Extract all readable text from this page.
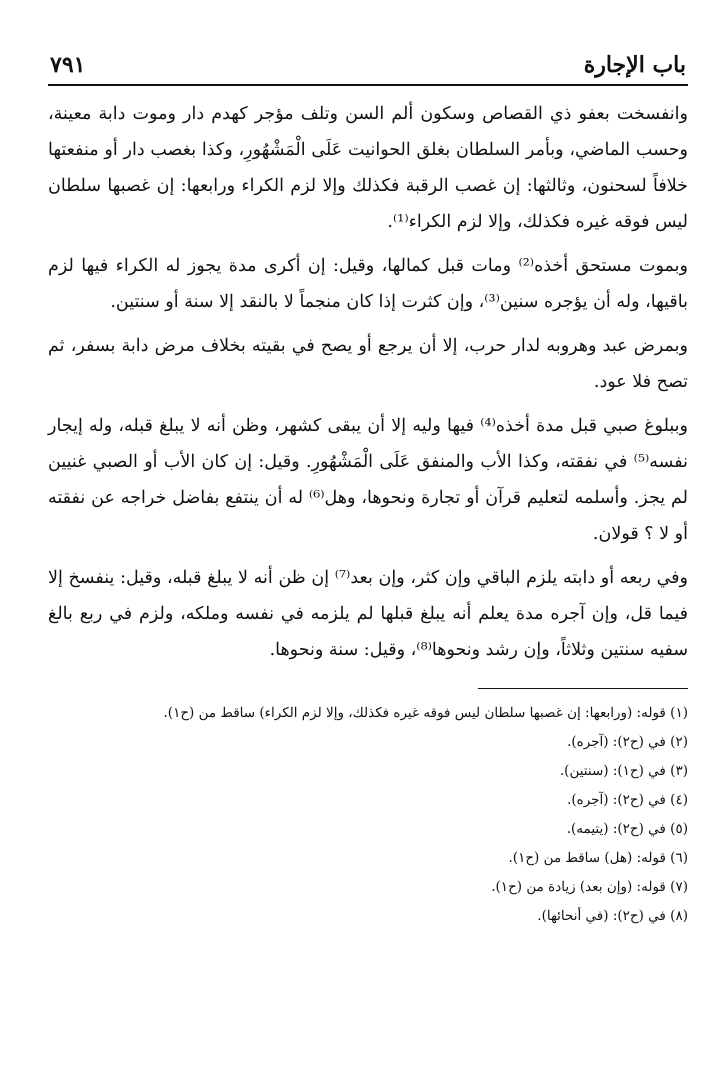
باب الإجارة
٧٩١

وانفسخت بعفو ذي القصاص وسكون ألم السن وتلف مؤجر كهدم دار وموت دابة معينة، وحسب الماضي، وبأمر السلطان بغلق الحوانيت عَلَى الْمَشْهُورِ، وكذا بغصب دار أو منفعتها خلافاً لسحنون، وثالثها: إن غصب الرقبة فكذلك وإلا لزم الكراء ورابعها: إن غصبها سلطان ليس فوقه غيره فكذلك، وإلا لزم الكراء⁽¹⁾.

وبموت مستحق أخذه⁽²⁾ ومات قبل كمالها، وقيل: إن أكرى مدة يجوز له الكراء فيها لزم باقيها، وله أن يؤجره سنين⁽³⁾، وإن كثرت إذا كان منجماً لا بالنقد إلا سنة أو سنتين.

وبمرض عبد وهروبه لدار حرب، إلا أن يرجع أو يصح في بقيته بخلاف مرض دابة بسفر، ثم تصح فلا عود.

وببلوغ صبي قبل مدة أخذه⁽⁴⁾ فيها وليه إلا أن يبقى كشهر، وظن أنه لا يبلغ قبله، وله إيجار نفسه⁽⁵⁾ في نفقته، وكذا الأب والمنفق عَلَى الْمَشْهُورِ. وقيل: إن كان الأب أو الصبي غنيين لم يجز. وأسلمه لتعليم قرآن أو تجارة ونحوها، وهل⁽⁶⁾ له أن ينتفع بفاضل خراجه عن نفقته أو لا ؟ قولان.

وفي ربعه أو دابته يلزم الباقي وإن كثر، وإن بعد⁽⁷⁾ إن ظن أنه لا يبلغ قبله، وقيل: ينفسخ إلا فيما قل، وإن آجره مدة يعلم أنه يبلغ قبلها لم يلزمه في نفسه وملكه، ولزم في ربع بالغ سفيه سنتين وثلاثاً، وإن رشد ونحوها⁽⁸⁾، وقيل: سنة ونحوها.

(١) قوله: (ورابعها: إن غصبها سلطان ليس فوقه غيره فكذلك، وإلا لزم الكراء) ساقط من (ح١).

(٢) في (ح٢): (آجره).

(٣) في (ح١): (سنتين).

(٤) في (ح٢): (آجره).

(٥) في (ح٢): (يتيمه).

(٦) قوله: (هل) ساقط من (ح١).

(٧) قوله: (وإن بعد) زيادة من (ح١).

(٨) في (ح٢): (في أنحائها).
